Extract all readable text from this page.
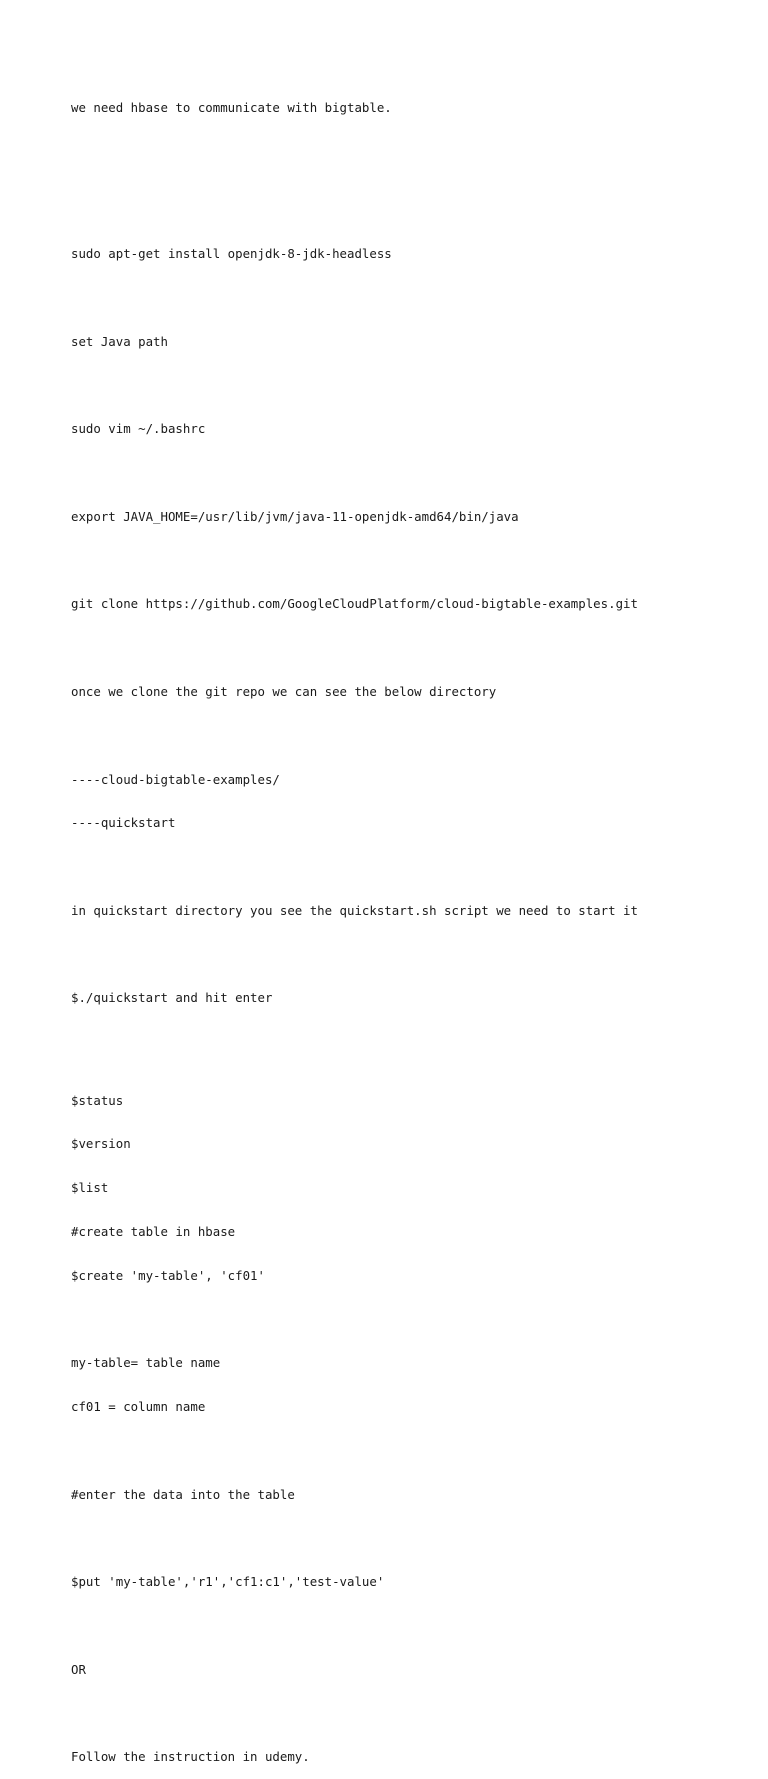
we need hbase to communicate with bigtable.

sudo apt-get install openjdk-8-jdk-headless

set Java path

sudo vim ~/.bashrc

export JAVA_HOME=/usr/lib/jvm/java-11-openjdk-amd64/bin/java

git clone https://github.com/GoogleCloudPlatform/cloud-bigtable-examples.git

once we clone the git repo we can see the below directory

----cloud-bigtable-examples/

----quickstart

in quickstart directory you see the quickstart.sh script we need to start it

$./quickstart and hit enter

$status

$version

$list

#create table in hbase

$create 'my-table', 'cf01'

my-table= table name

cf01 = column name

#enter the data into the table

$put 'my-table','r1','cf1:c1','test-value'

OR

Follow the instruction in udemy.
